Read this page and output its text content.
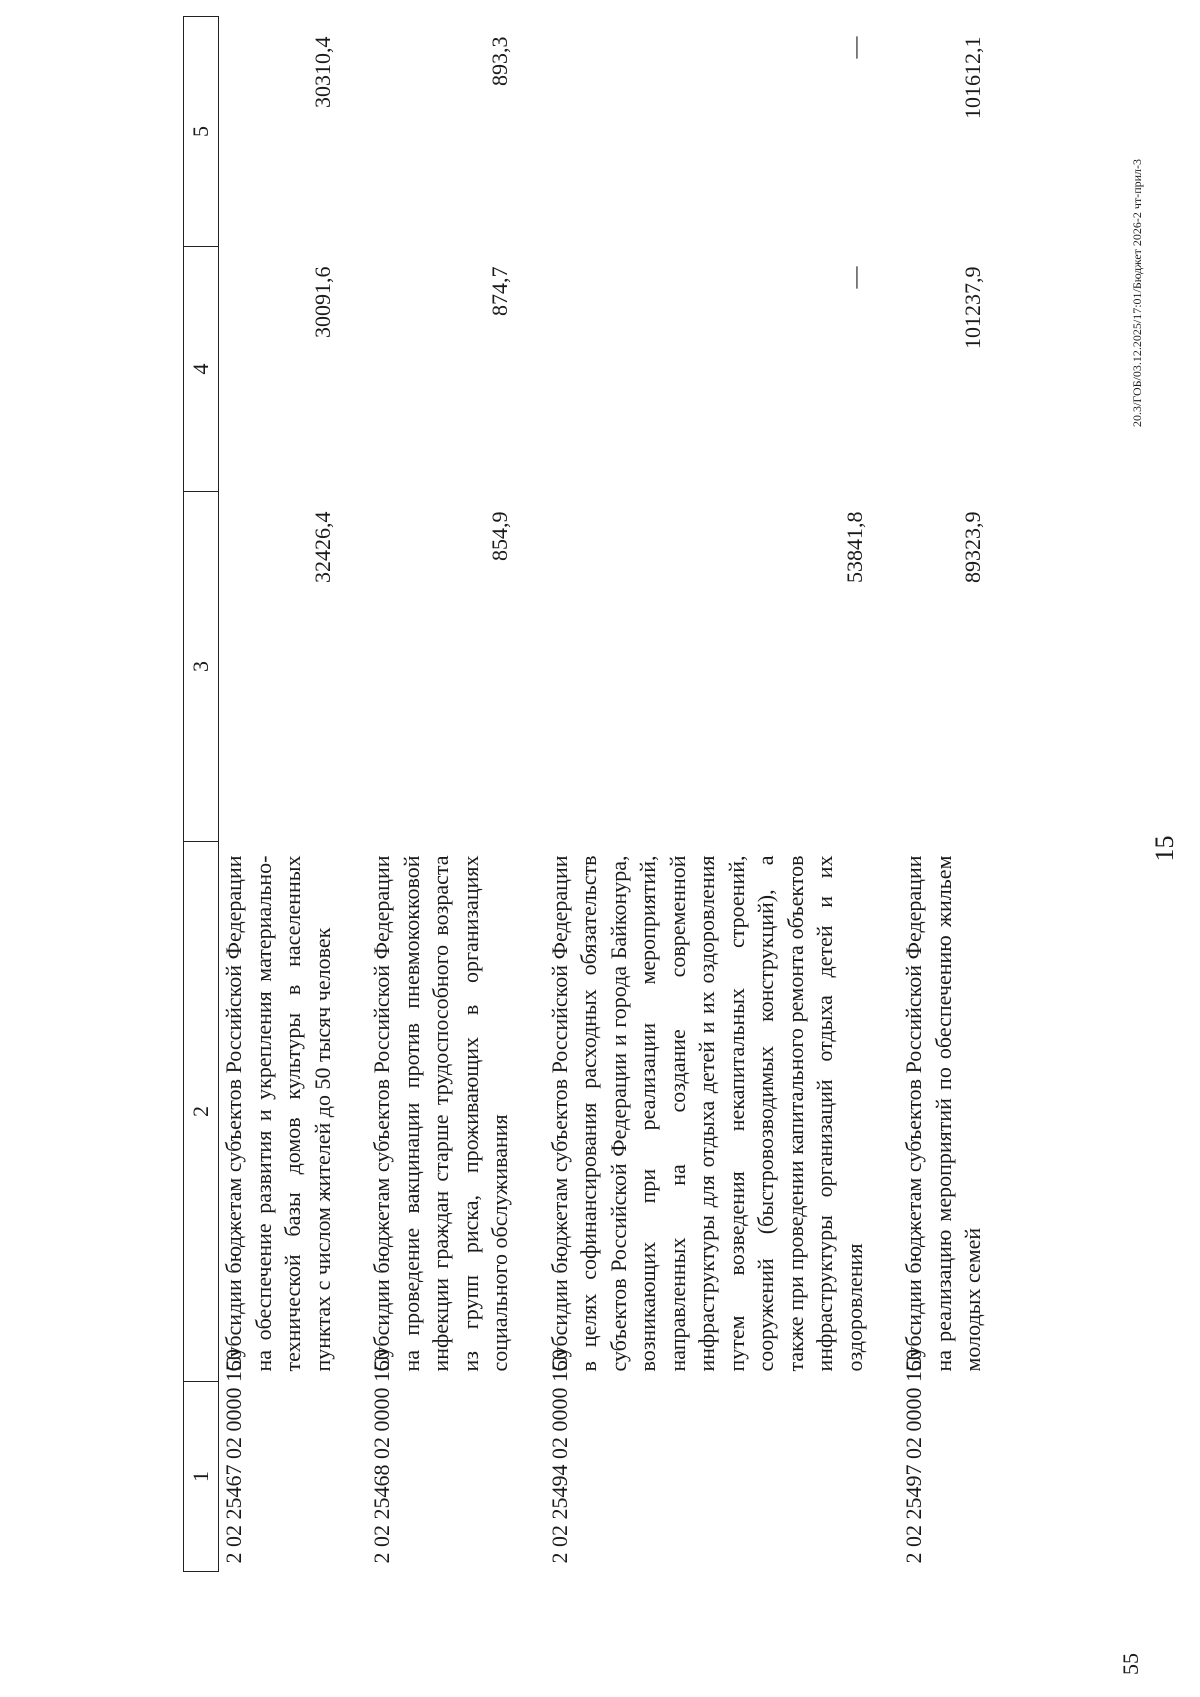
15
1	2	3	4	5
2 02 25467 02 0000 150	Субсидии бюджетам субъектов Российской Федерации на обеспечение развития и укрепления материально-технической базы домов культуры в населенных пунктах с числом жителей до 50 тысяч человек	32426,4	30091,6	30310,4

2 02 25468 02 0000 150	Субсидии бюджетам субъектов Российской Федерации на проведение вакцинации против пневмококковой инфекции граждан старше трудоспособного возраста из групп риска, проживающих в организациях социального обслуживания	854,9	874,7	893,3

2 02 25494 02 0000 150	Субсидии бюджетам субъектов Российской Федерации в целях софинансирования расходных обязательств субъектов Российской Федерации и города Байконура, возникающих при реализации мероприятий, направленных на создание современной инфраструктуры для отдыха детей и их оздоровления путем возведения некапитальных строений, сооружений (быстровозводимых конструкций), а также при проведении капитального ремонта объектов инфраструктуры организаций отдыха детей и их оздоровления	53841,8	—	—

2 02 25497 02 0000 150	Субсидии бюджетам субъектов Российской Федерации на реализацию мероприятий по обеспечению жильем молодых семей	89323,9	101237,9	101612,1
55
20.3/ГОБ/03.12.2025/17:01/Бюджет 2026-2 чт-прил-3
